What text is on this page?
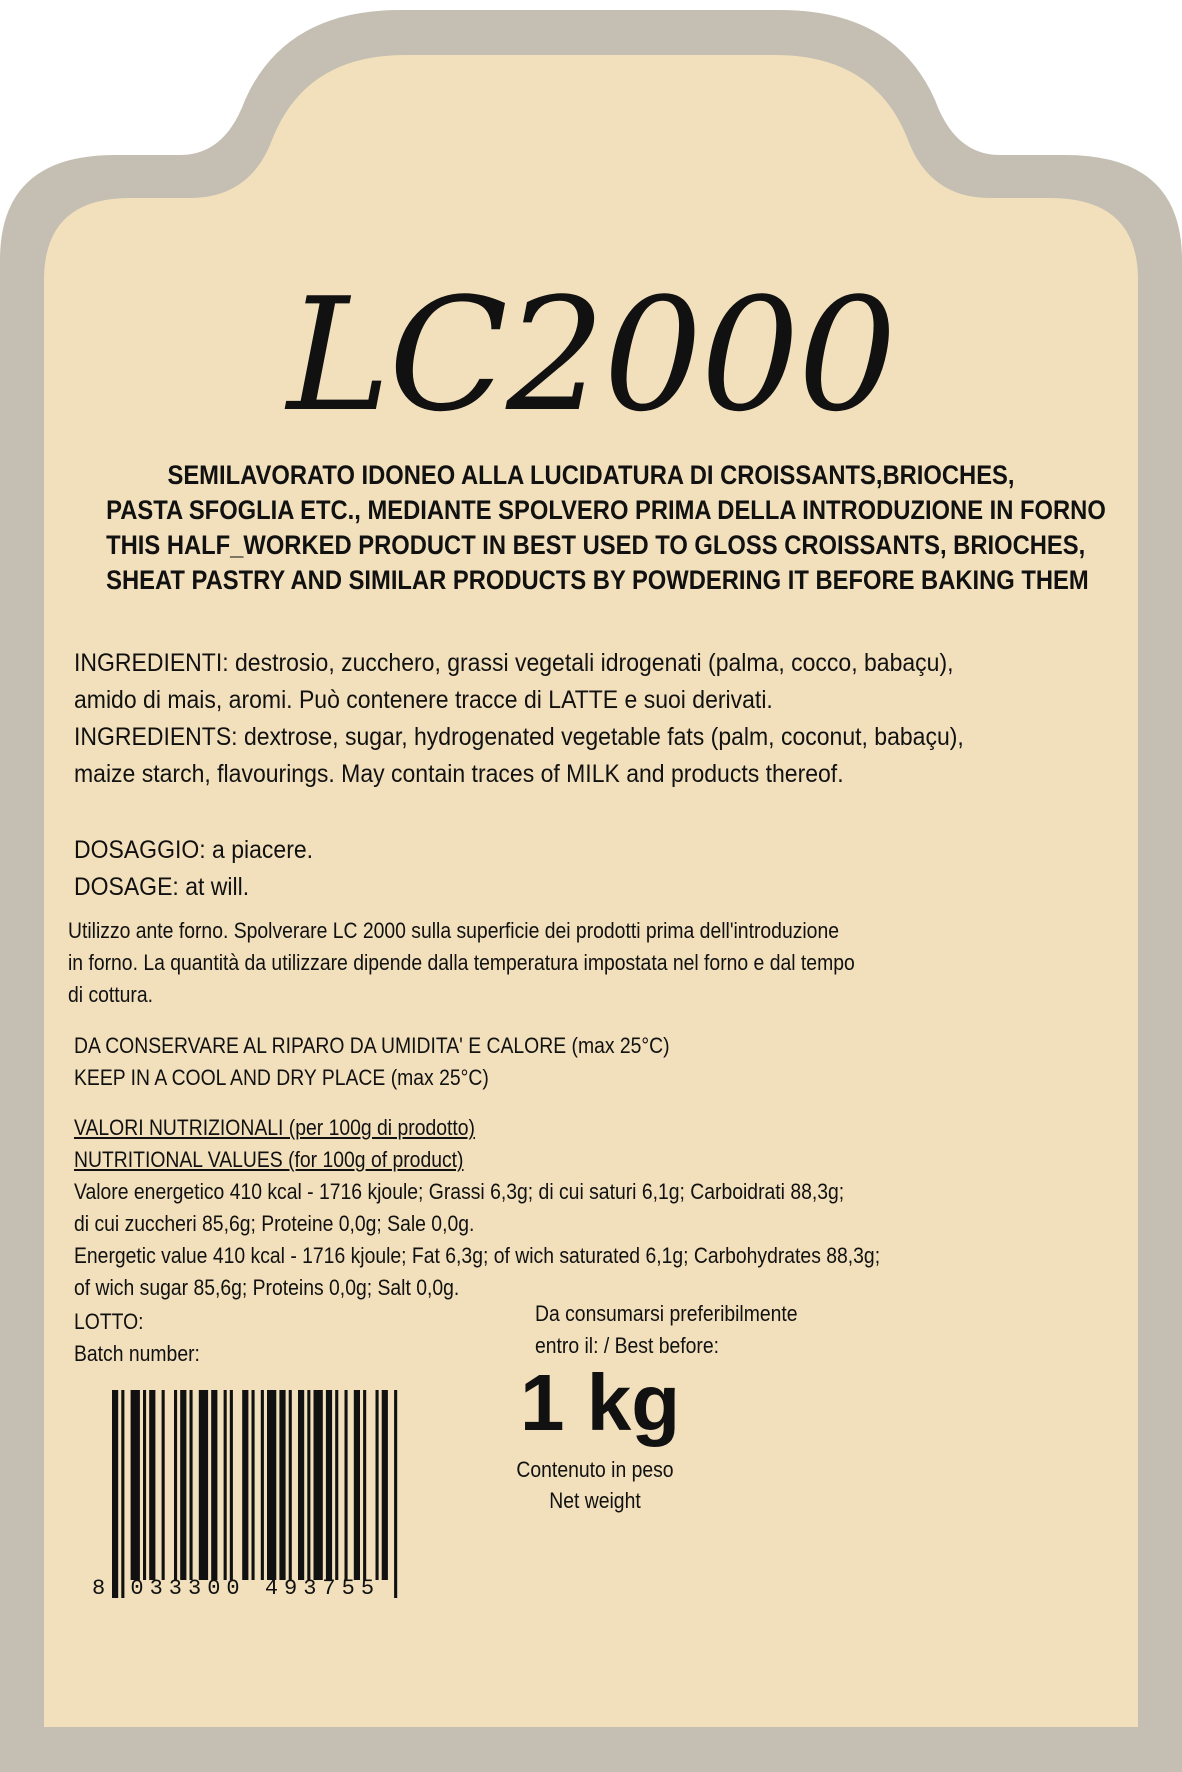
LC2000
SEMILAVORATO IDONEO ALLA LUCIDATURA DI CROISSANTS,BRIOCHES,
PASTA SFOGLIA ETC., MEDIANTE SPOLVERO PRIMA DELLA INTRODUZIONE IN FORNO
THIS HALF_WORKED PRODUCT IN BEST USED TO GLOSS CROISSANTS, BRIOCHES,
SHEAT PASTRY AND SIMILAR PRODUCTS BY POWDERING IT BEFORE BAKING THEM
INGREDIENTI: destrosio, zucchero, grassi vegetali idrogenati (palma, cocco, babaçu),
amido di mais, aromi. Può contenere tracce di LATTE e suoi derivati.
INGREDIENTS: dextrose, sugar, hydrogenated vegetable fats (palm, coconut, babaçu),
maize starch, flavourings. May contain traces of MILK and products thereof.
DOSAGGIO: a piacere.
DOSAGE: at will.
Utilizzo ante forno. Spolverare LC 2000 sulla superficie dei prodotti prima dell'introduzione
in forno. La quantità da utilizzare dipende dalla temperatura impostata nel forno e dal tempo
di cottura.
DA CONSERVARE AL RIPARO DA UMIDITA' E CALORE (max 25°C)
KEEP IN A COOL AND DRY PLACE (max 25°C)
VALORI NUTRIZIONALI (per 100g di prodotto)
NUTRITIONAL VALUES (for 100g of product)
Valore energetico 410 kcal - 1716 kjoule; Grassi 6,3g; di cui saturi 6,1g; Carboidrati 88,3g;
di cui zuccheri 85,6g; Proteine 0,0g; Sale 0,0g.
Energetic value 410 kcal - 1716 kjoule; Fat 6,3g; of wich saturated 6,1g; Carbohydrates 88,3g;
of wich sugar 85,6g; Proteins 0,0g; Salt 0,0g.
LOTTO:
Batch number:
Da consumarsi preferibilmente
entro il: / Best before:
1 kg
Contenuto in peso
Net weight
8 033300 493755
